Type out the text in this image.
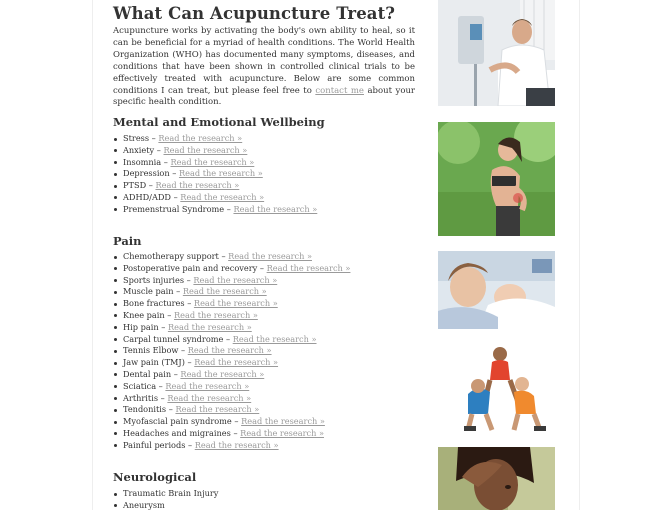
What Can Acupuncture Treat?

Acupuncture works by activating the body's own ability to heal, so it can be beneficial for a myriad of health conditions. The World Health Organization (WHO) has documented many symptoms, diseases, and conditions that have been shown in controlled clinical trials to be effectively treated with acupuncture. Below are some common conditions I can treat, but please feel free to contact me about your specific health condition.

Mental and Emotional Wellbeing
Stress – Read the research »
Anxiety – Read the research »
Insomnia – Read the research »
Depression – Read the research »
PTSD – Read the research »
ADHD/ADD – Read the research »
Premenstrual Syndrome – Read the research »
Pain
Chemotherapy support – Read the research »
Postoperative pain and recovery – Read the research »
Sports injuries – Read the research »
Muscle pain – Read the research »
Bone fractures – Read the research »
Knee pain – Read the research »
Hip pain – Read the research »
Carpal tunnel syndrome – Read the research »
Tennis Elbow – Read the research »
Jaw pain (TMJ) – Read the research »
Dental pain – Read the research »
Sciatica – Read the research »
Arthritis – Read the research »
Tendonitis – Read the research »
Myofascial pain syndrome – Read the research »
Headaches and migraines – Read the research »
Painful periods – Read the research »
Neurological
Traumatic Brain Injury
Aneurysm
